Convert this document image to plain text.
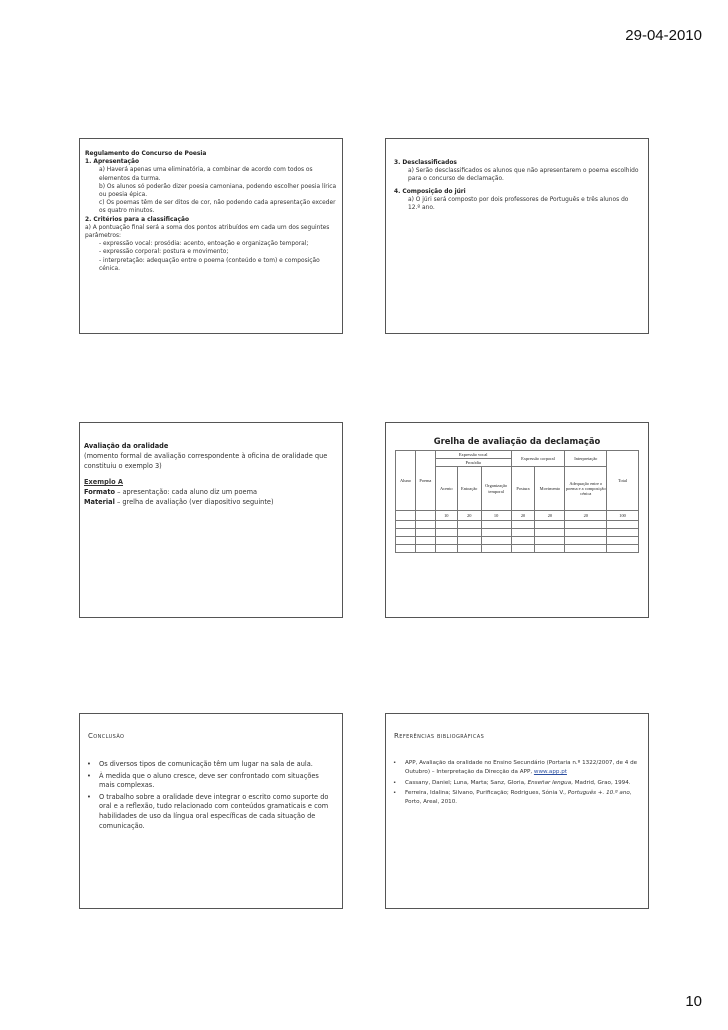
29-04-2010

Regulamento do Concurso de Poesia

1. Apresentação

a) Haverá apenas uma eliminatória, a combinar de acordo com todos os elementos da turma.

b) Os alunos só poderão dizer poesia camoniana, podendo escolher poesia lírica ou poesia épica.

c) Os poemas têm de ser ditos de cor, não podendo cada apresentação exceder os quatro minutos.

2. Critérios para a classificação

a) A pontuação final será a soma dos pontos atribuídos em cada um dos seguintes parâmetros:

- expressão vocal: prosódia: acento, entoação e organização temporal;

- expressão corporal: postura e movimento;

- interpretação: adequação entre o poema (conteúdo e tom) e composição cénica.

3. Desclassificados

a) Serão desclassificados os alunos que não apresentarem o poema escolhido para o concurso de declamação.

4. Composição do júri

a) O júri será composto por dois professores de Português e três alunos do 12.º ano.

Avaliação da oralidade

(momento formal de avaliação correspondente à oficina de oralidade que constituiu o exemplo 3)

Exemplo A

Formato – apresentação: cada aluno diz um poema

Material – grelha de avaliação (ver diapositivo seguinte)

Grelha de avaliação da declamação
Aluno	Poema	Expressão vocal			Expressão corporal		Interpretação	Total
		Prosódia						
		Acento	Entoação	Organização temporal	Postura	Movimento	Adequação entre o poema e a composição cénica	
		10	20	10	20	20	20	100

Conclusão
• Os diversos tipos de comunicação têm um lugar na sala de aula.
• À medida que o aluno cresce, deve ser confrontado com situações mais complexas.
• O trabalho sobre a oralidade deve integrar o escrito como suporte do oral e a reflexão, tudo relacionado com conteúdos gramaticais e com habilidades de uso da língua oral específicas de cada situação de comunicação.
Referências bibliográficas
• APP, Avaliação da oralidade no Ensino Secundário (Portaria n.º 1322/2007, de 4 de Outubro) – Interpretação da Direcção da APP, www.app.pt
• Cassany, Daniel; Luna, Marta; Sanz, Gloria, Enseñar lengua, Madrid, Grao, 1994.
• Ferreira, Idalina; Silvano, Purificação; Rodrigues, Sónia V., Português +. 10.º ano, Porto, Areal, 2010.
10
